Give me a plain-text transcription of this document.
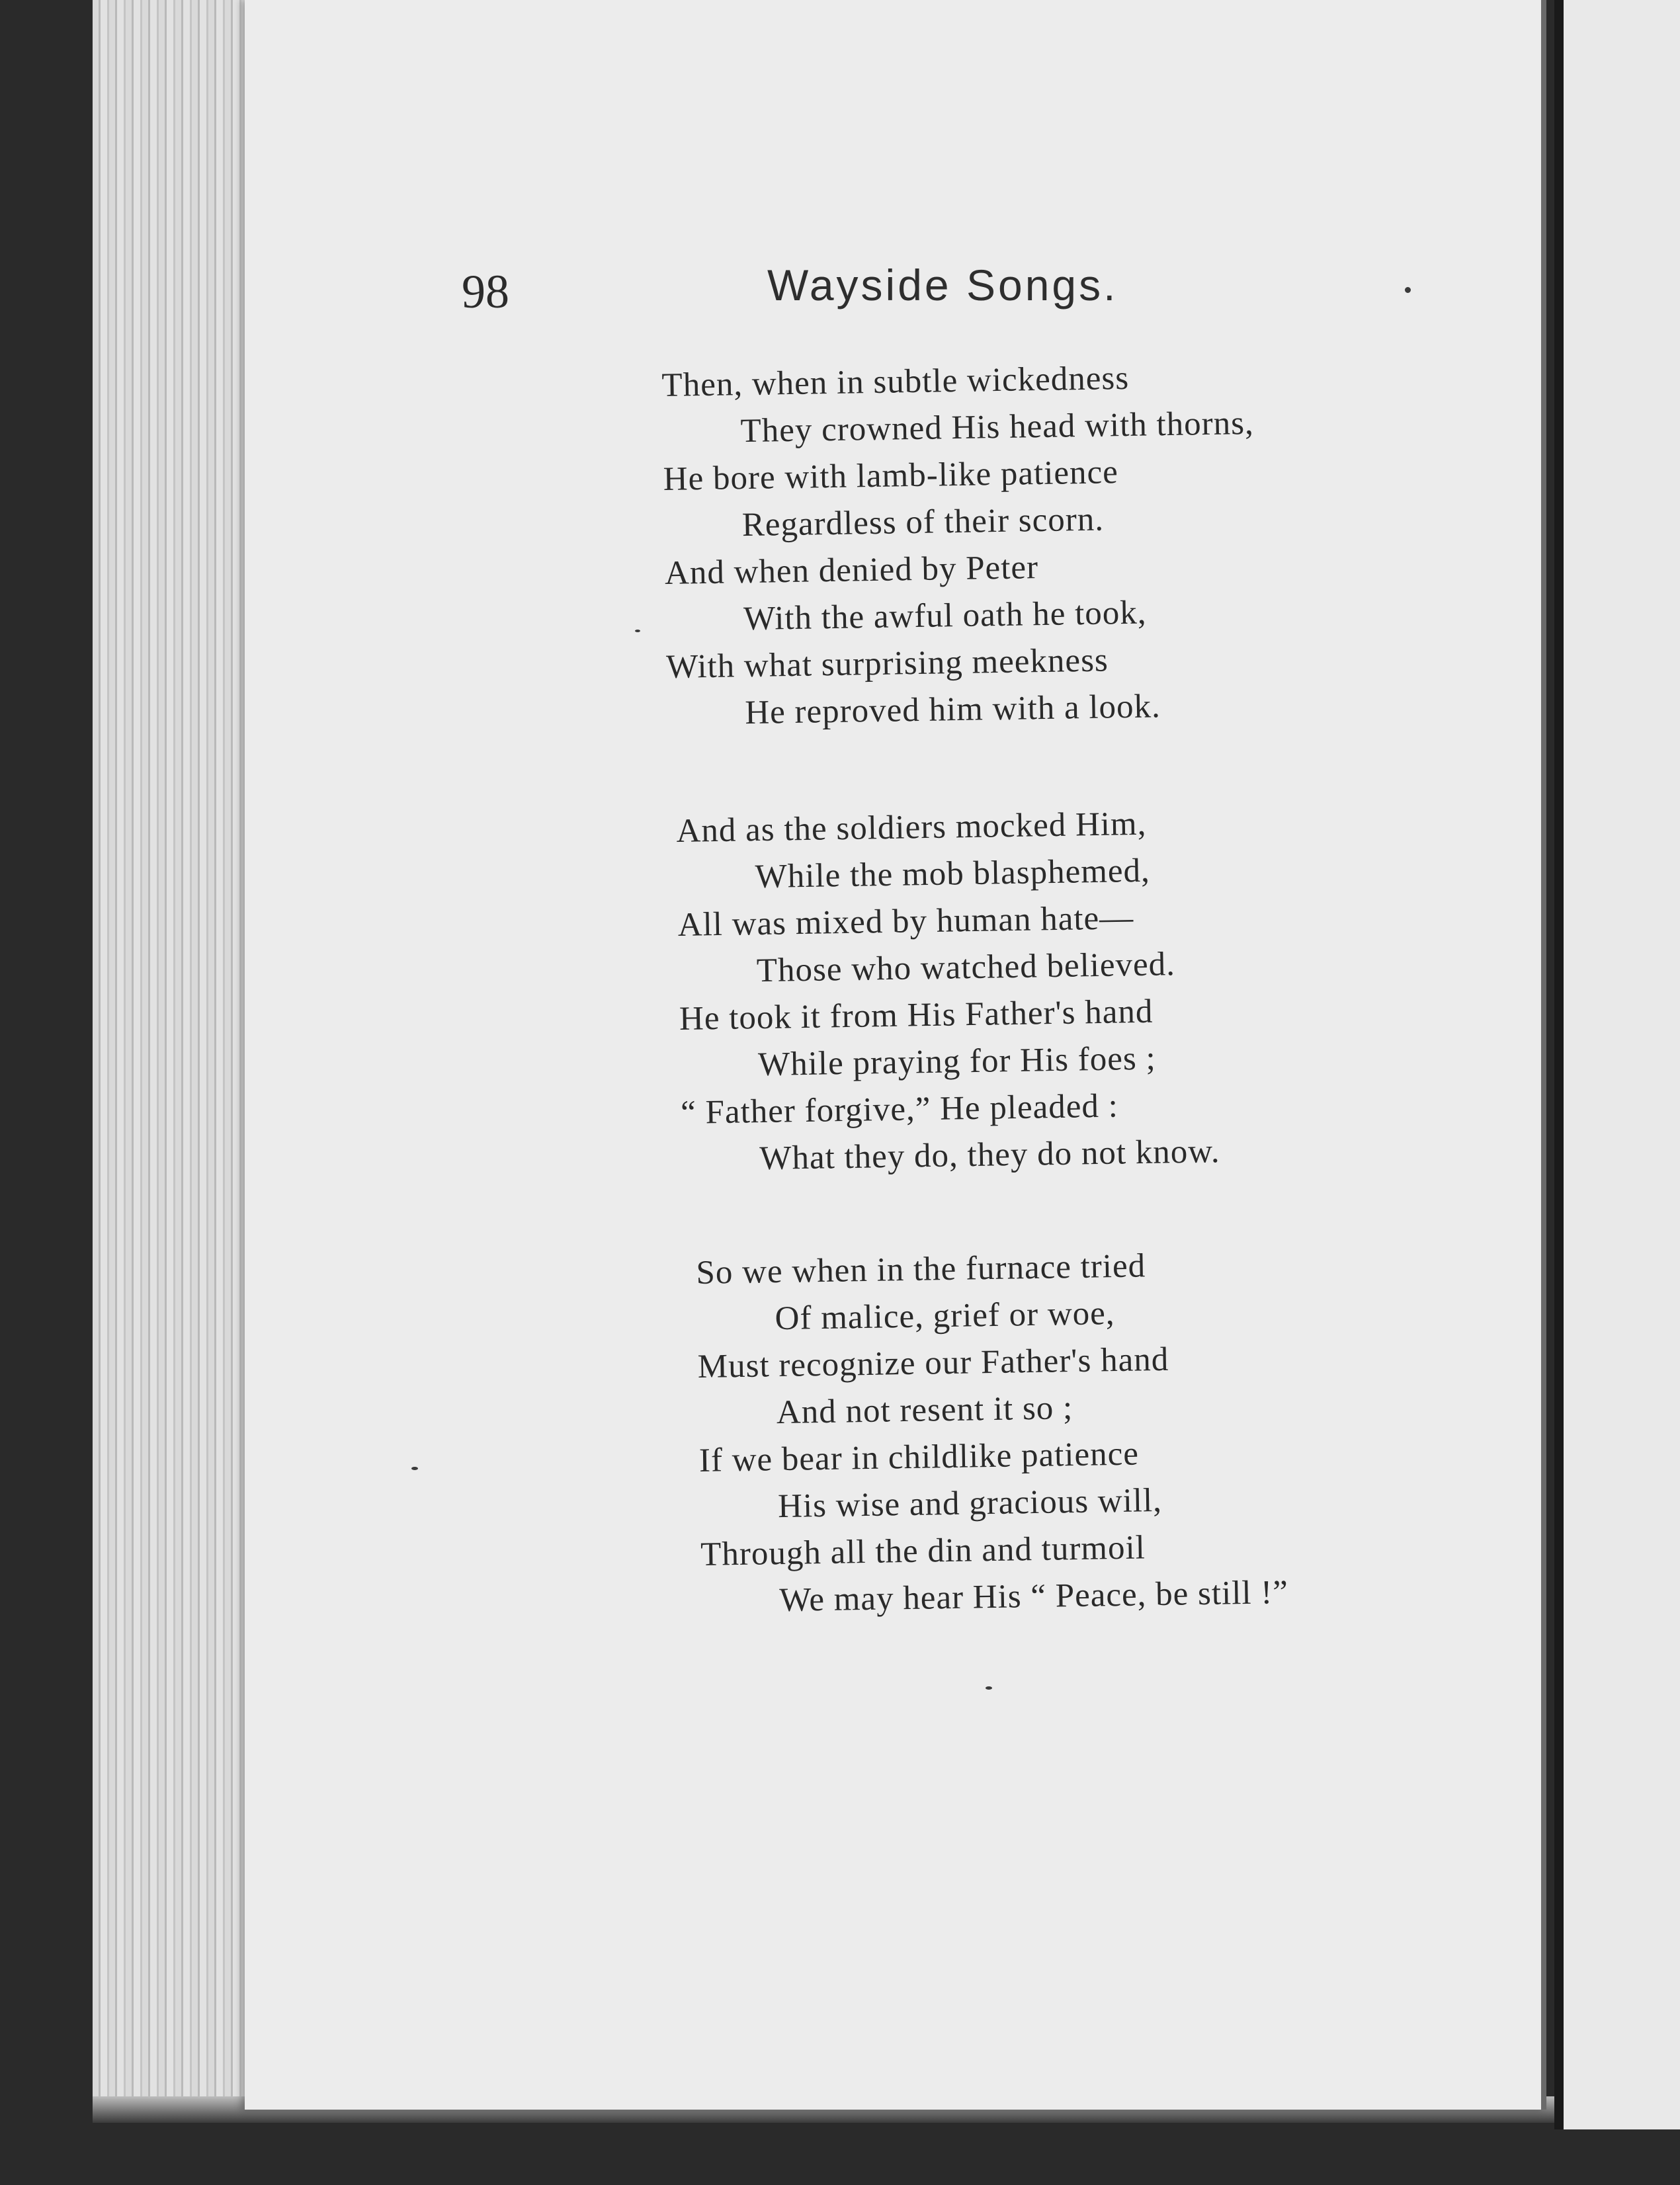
98	Wayside Songs.
Then, when in subtle wickedness
They crowned His head with thorns,
He bore with lamb-like patience
Regardless of their scorn.
And when denied by Peter
With the awful oath he took,
With what surprising meekness
He reproved him with a look.
And as the soldiers mocked Him,
While the mob blasphemed,
All was mixed by human hate—
Those who watched believed.
He took it from His Father's hand
While praying for His foes ;
“ Father forgive,” He pleaded :
What they do, they do not know.
So we when in the furnace tried
Of malice, grief or woe,
Must recognize our Father's hand
And not resent it so ;
If we bear in childlike patience
His wise and gracious will,
Through all the din and turmoil
We may hear His “ Peace, be still !”
